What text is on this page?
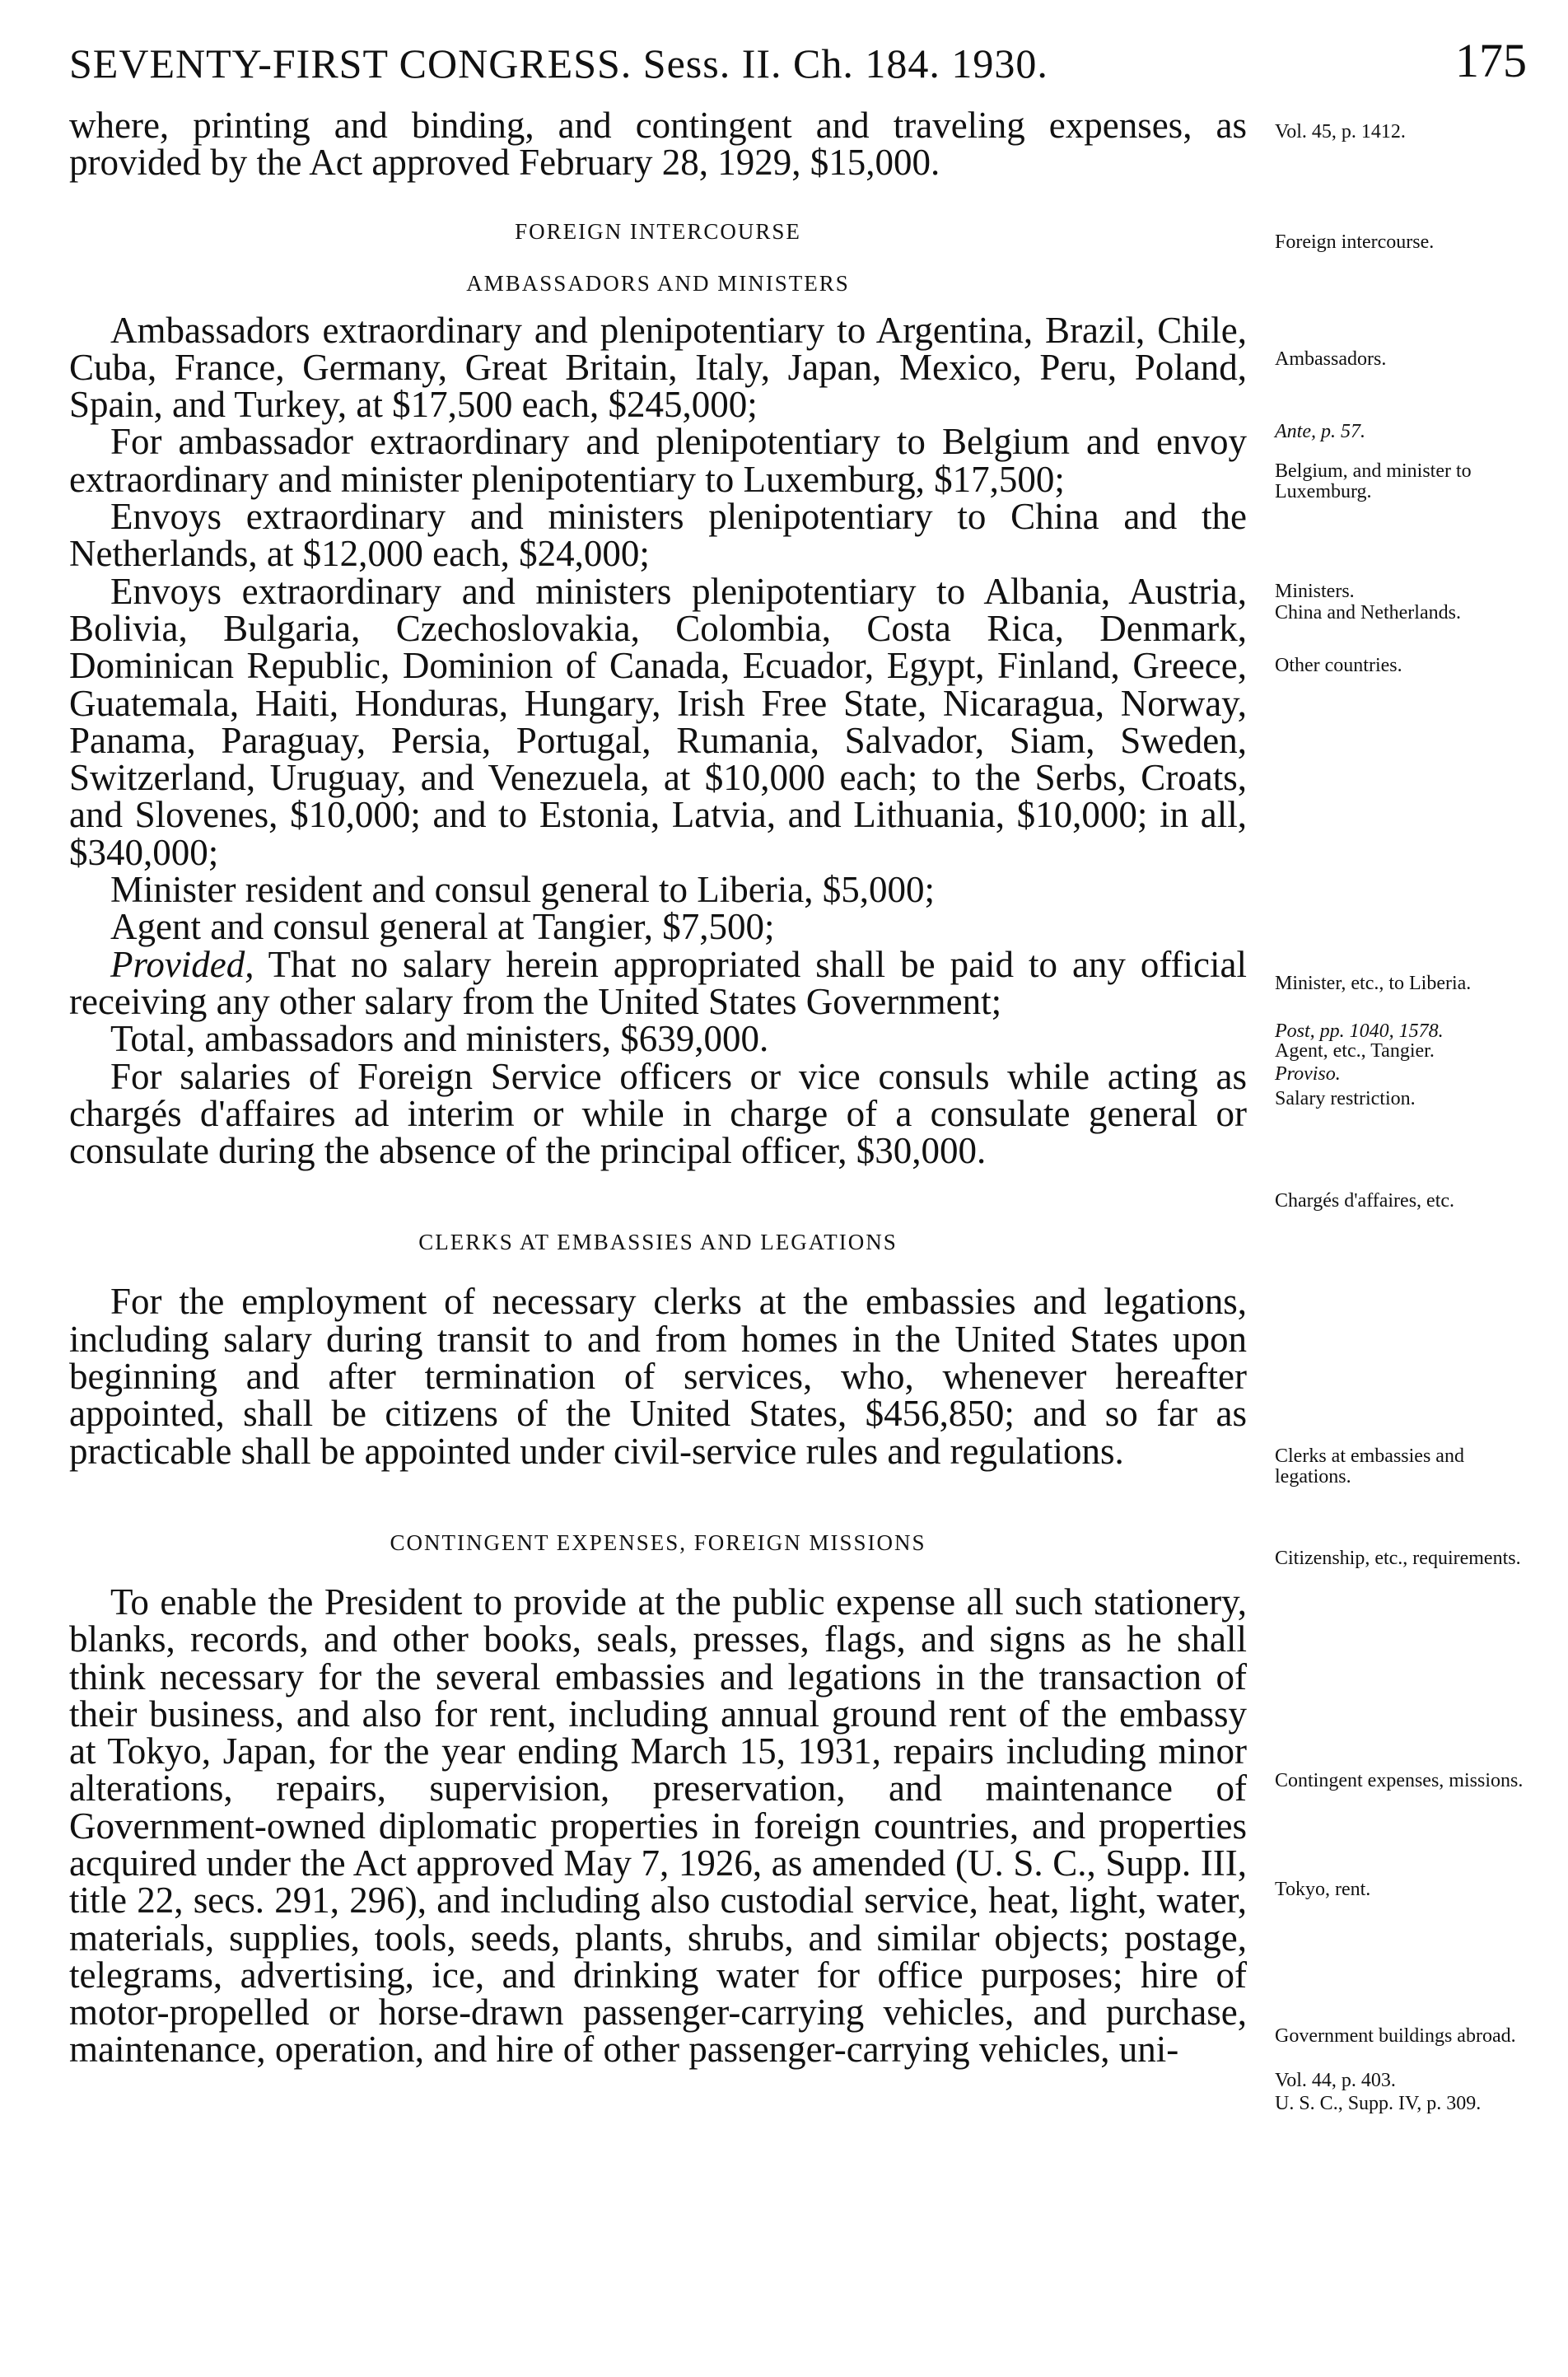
SEVENTY-FIRST CONGRESS. Sess. II. Ch. 184. 1930.	175

where, printing and binding, and contingent and traveling expenses, as provided by the Act approved February 28, 1929, $15,000.

FOREIGN INTERCOURSE
AMBASSADORS AND MINISTERS

Ambassadors extraordinary and plenipotentiary to Argentina, Brazil, Chile, Cuba, France, Germany, Great Britain, Italy, Japan, Mexico, Peru, Poland, Spain, and Turkey, at $17,500 each, $245,000;

For ambassador extraordinary and plenipotentiary to Belgium and envoy extraordinary and minister plenipotentiary to Luxemburg, $17,500;

Envoys extraordinary and ministers plenipotentiary to China and the Netherlands, at $12,000 each, $24,000;

Envoys extraordinary and ministers plenipotentiary to Albania, Austria, Bolivia, Bulgaria, Czechoslovakia, Colombia, Costa Rica, Denmark, Dominican Republic, Dominion of Canada, Ecuador, Egypt, Finland, Greece, Guatemala, Haiti, Honduras, Hungary, Irish Free State, Nicaragua, Norway, Panama, Paraguay, Persia, Portugal, Rumania, Salvador, Siam, Sweden, Switzerland, Uruguay, and Venezuela, at $10,000 each; to the Serbs, Croats, and Slovenes, $10,000; and to Estonia, Latvia, and Lithuania, $10,000; in all, $340,000;

Minister resident and consul general to Liberia, $5,000;

Agent and consul general at Tangier, $7,500;

Provided, That no salary herein appropriated shall be paid to any official receiving any other salary from the United States Government;

Total, ambassadors and ministers, $639,000.

For salaries of Foreign Service officers or vice consuls while acting as chargés d'affaires ad interim or while in charge of a consulate general or consulate during the absence of the principal officer, $30,000.

CLERKS AT EMBASSIES AND LEGATIONS

For the employment of necessary clerks at the embassies and legations, including salary during transit to and from homes in the United States upon beginning and after termination of services, who, whenever hereafter appointed, shall be citizens of the United States, $456,850; and so far as practicable shall be appointed under civil-service rules and regulations.

CONTINGENT EXPENSES, FOREIGN MISSIONS

To enable the President to provide at the public expense all such stationery, blanks, records, and other books, seals, presses, flags, and signs as he shall think necessary for the several embassies and legations in the transaction of their business, and also for rent, including annual ground rent of the embassy at Tokyo, Japan, for the year ending March 15, 1931, repairs including minor alterations, repairs, supervision, preservation, and maintenance of Government-owned diplomatic properties in foreign countries, and properties acquired under the Act approved May 7, 1926, as amended (U. S. C., Supp. III, title 22, secs. 291, 296), and including also custodial service, heat, light, water, materials, supplies, tools, seeds, plants, shrubs, and similar objects; postage, telegrams, advertising, ice, and drinking water for office purposes; hire of motor-propelled or horse-drawn passenger-carrying vehicles, and purchase, maintenance, operation, and hire of other passenger-carrying vehicles, uni-

Vol. 45, p. 1412.
Foreign intercourse.
Ambassadors.
Ante, p. 57.
Belgium, and minister to Luxemburg.
Ministers.
China and Netherlands.
Other countries.
Minister, etc., to Liberia.
Post, pp. 1040, 1578.
Agent, etc., Tangier.
Proviso.
Salary restriction.
Chargés d'affaires, etc.
Clerks at embassies and legations.
Citizenship, etc., requirements.
Contingent expenses, missions.
Tokyo, rent.
Government buildings abroad.
Vol. 44, p. 403.
U. S. C., Supp. IV, p. 309.
